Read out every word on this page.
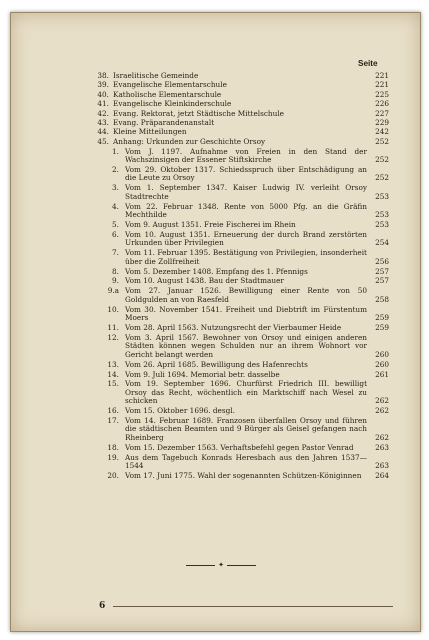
Seite
38. Israelitische Gemeinde	221
39. Evangelische Elementarschule	221
40. Katholische Elementarschule	225
41. Evangelische Kleinkinderschule	226
42. Evang. Rektorat, jetzt Städtische Mittelschule	227
43. Evang. Präparandenanstalt	229
44. Kleine Mitteilungen	242
45. Anhang: Urkunden zur Geschichte Orsoy	252
1. Vom J. 1197. Aufnahme von Freien in den Stand der Wachszinsigen der Essener Stiftskirche	252
2. Vom 29. Oktober 1317. Schiedsspruch über Entschädigung an die Leute zu Orsoy	252
3. Vom 1. September 1347. Kaiser Ludwig IV. verleiht Orsoy Stadtrechte	253
4. Vom 22. Februar 1348. Rente von 5000 Pfg. an die Gräfin Mechthilde	253
5. Vom 9. August 1351. Freie Fischerei im Rhein	253
6. Vom 10. August 1351. Erneuerung der durch Brand zerstörten Urkunden über Privilegien	254
7. Vom 11. Februar 1395. Bestätigung von Privilegien, insonderheit über die Zollfreiheit	256
8. Vom 5. Dezember 1408. Empfang des 1. Pfennigs	257
9. Vom 10. August 1438. Bau der Stadtmauer	257
9.a Vom 27. Januar 1526. Bewilligung einer Rente von 50 Goldgulden an von Raesfeld	258
10. Vom 30. November 1541. Freiheit und Diebtrift im Fürstentum Moers	259
11. Vom 28. April 1563. Nutzungsrecht der Vierbaumer Heide	259
12. Vom 3. April 1567. Bewohner von Orsoy und einigen anderen Städten können wegen Schulden nur an ihrem Wohnort vor Gericht belangt werden	260
13. Vom 26. April 1685. Bewilligung des Hafenrechts	260
14. Vom 9. Juli 1694. Memorial betr. dasselbe	261
15. Vom 19. September 1696. Churfürst Friedrich III. bewilligt Orsoy das Recht, wöchentlich ein Marktschiff nach Wesel zu schicken	262
16. Vom 15. Oktober 1696. desgl.	262
17. Vom 14. Februar 1689. Franzosen überfallen Orsoy und führen die städtischen Beamten und 9 Bürger als Geisel gefangen nach Rheinberg	262
18. Vom 15. Dezember 1563. Verhaftsbefehl gegen Pastor Venrad	263
19. Aus dem Tagebuch Konrads Heresbach aus den Jahren 1537—1544	263
20. Vom 17. Juni 1775. Wahl der sogenannten Schützen-Königinnen	264
✦
6
